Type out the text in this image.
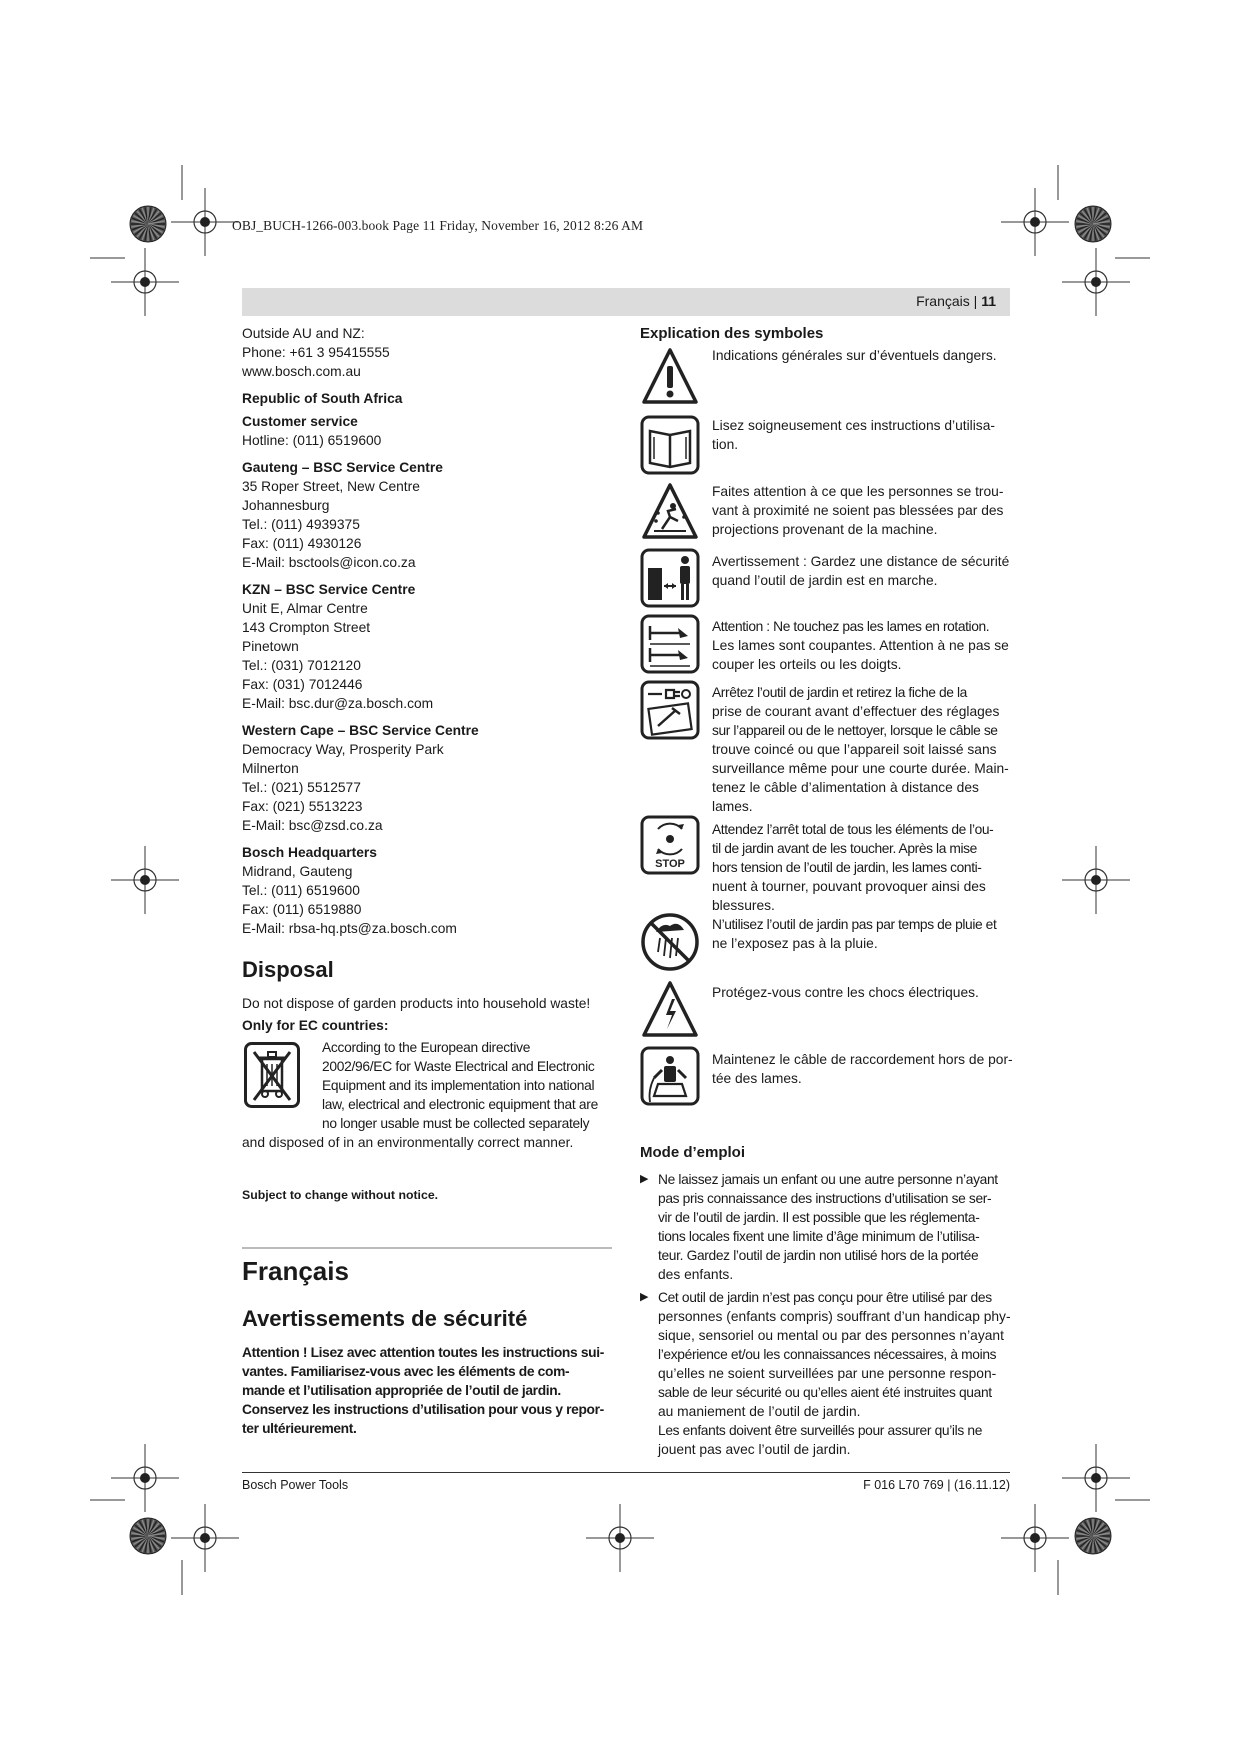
OBJ_BUCH-1266-003.book Page 11 Friday, November 16, 2012 8:26 AM
Français | 11

Outside AU and NZ:

Phone: +61 3 95415555

www.bosch.com.au

Republic of South Africa

Customer service

Hotline: (011) 6519600

Gauteng – BSC Service Centre

35 Roper Street, New Centre

Johannesburg

Tel.: (011) 4939375

Fax: (011) 4930126

E-Mail: bsctools@icon.co.za

KZN – BSC Service Centre

Unit E, Almar Centre

143 Crompton Street

Pinetown

Tel.: (031) 7012120

Fax: (031) 7012446

E-Mail: bsc.dur@za.bosch.com

Western Cape – BSC Service Centre

Democracy Way, Prosperity Park

Milnerton

Tel.: (021) 5512577

Fax: (021) 5513223

E-Mail: bsc@zsd.co.za

Bosch Headquarters

Midrand, Gauteng

Tel.: (011) 6519600

Fax: (011) 6519880

E-Mail: rbsa-hq.pts@za.bosch.com

Disposal

Do not dispose of garden products into household waste!

Only for EC countries:

According to the European directive

2002/96/EC for Waste Electrical and Electronic

Equipment and its implementation into national

law, electrical and electronic equipment that are

no longer usable must be collected separately

and disposed of in an environmentally correct manner.

Subject to change without notice.

Français

Avertissements de sécurité

Attention ! Lisez avec attention toutes les instructions sui-

vantes. Familiarisez-vous avec les éléments de com-

mande et l’utilisation appropriée de l’outil de jardin.

Conservez les instructions d’utilisation pour vous y repor-

ter ultérieurement.

Explication des symboles

Indications générales sur d’éventuels dangers.

Lisez soigneusement ces instructions d’utilisa-

tion.

Faites attention à ce que les personnes se trou-

vant à proximité ne soient pas blessées par des

projections provenant de la machine.

Avertissement : Gardez une distance de sécurité

quand l’outil de jardin est en marche.

Attention : Ne touchez pas les lames en rotation.

Les lames sont coupantes. Attention à ne pas se

couper les orteils ou les doigts.

Arrêtez l’outil de jardin et retirez la fiche de la

prise de courant avant d’effectuer des réglages

sur l’appareil ou de le nettoyer, lorsque le câble se

trouve coincé ou que l’appareil soit laissé sans

surveillance même pour une courte durée. Main-

tenez le câble d’alimentation à distance des

lames.

STOP

Attendez l’arrêt total de tous les éléments de l’ou-

til de jardin avant de les toucher. Après la mise

hors tension de l’outil de jardin, les lames conti-

nuent à tourner, pouvant provoquer ainsi des

blessures.

N’utilisez l’outil de jardin pas par temps de pluie et

ne l’exposez pas à la pluie.

Protégez-vous contre les chocs électriques.

Maintenez le câble de raccordement hors de por-

tée des lames.

Mode d’emploi
▶ Ne laissez jamais un enfant ou une autre personne n’ayant

pas pris connaissance des instructions d’utilisation se ser-

vir de l’outil de jardin. Il est possible que les réglementa-

tions locales fixent une limite d’âge minimum de l’utilisa-

teur. Gardez l’outil de jardin non utilisé hors de la portée

des enfants.

▶ Cet outil de jardin n’est pas conçu pour être utilisé par des

personnes (enfants compris) souffrant d’un handicap phy-

sique, sensoriel ou mental ou par des personnes n’ayant

l’expérience et/ou les connaissances nécessaires, à moins

qu’elles ne soient surveillées par une personne respon-

sable de leur sécurité ou qu’elles aient été instruites quant

au maniement de l’outil de jardin.

Les enfants doivent être surveillés pour assurer qu’ils ne

jouent pas avec l’outil de jardin.

Bosch Power Tools	F 016 L70 769 | (16.11.12)
